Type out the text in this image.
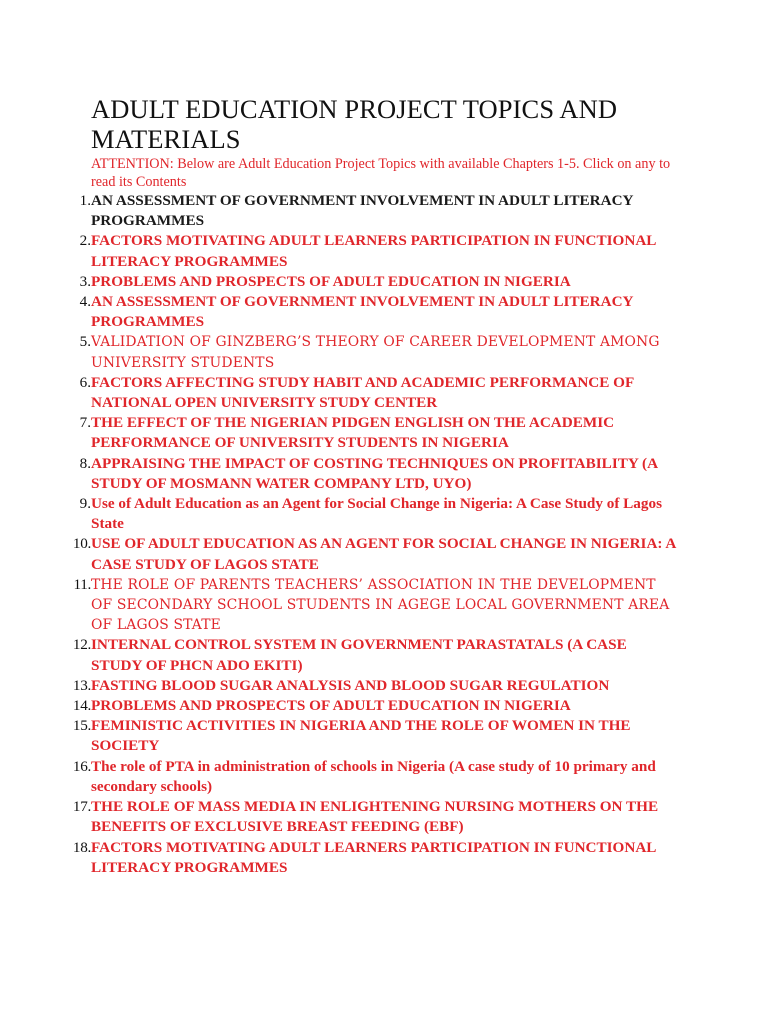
ADULT EDUCATION PROJECT TOPICS AND MATERIALS
ATTENTION: Below are Adult Education Project Topics with available Chapters 1-5. Click on any to read its Contents
1. AN ASSESSMENT OF GOVERNMENT INVOLVEMENT IN ADULT LITERACY PROGRAMMES
2. FACTORS MOTIVATING ADULT LEARNERS PARTICIPATION IN FUNCTIONAL LITERACY PROGRAMMES
3. PROBLEMS AND PROSPECTS OF ADULT EDUCATION IN NIGERIA
4. AN ASSESSMENT OF GOVERNMENT INVOLVEMENT IN ADULT LITERACY PROGRAMMES
5. VALIDATION OF GINZBERG’S THEORY OF CAREER DEVELOPMENT AMONG UNIVERSITY STUDENTS
6. FACTORS AFFECTING STUDY HABIT AND ACADEMIC PERFORMANCE OF NATIONAL OPEN UNIVERSITY STUDY CENTER
7. THE EFFECT OF THE NIGERIAN PIDGEN ENGLISH ON THE ACADEMIC PERFORMANCE OF UNIVERSITY STUDENTS IN NIGERIA
8. APPRAISING THE IMPACT OF COSTING TECHNIQUES ON PROFITABILITY (A STUDY OF MOSMANN WATER COMPANY LTD, UYO)
9. Use of Adult Education as an Agent for Social Change in Nigeria: A Case Study of Lagos State
10. USE OF ADULT EDUCATION AS AN AGENT FOR SOCIAL CHANGE IN NIGERIA: A CASE STUDY OF LAGOS STATE
11. THE ROLE OF PARENTS TEACHERS’ ASSOCIATION IN THE DEVELOPMENT OF SECONDARY SCHOOL STUDENTS IN AGEGE LOCAL GOVERNMENT AREA OF LAGOS STATE
12. INTERNAL CONTROL SYSTEM IN GOVERNMENT PARASTATALS (A CASE STUDY OF PHCN ADO EKITI)
13. FASTING BLOOD SUGAR ANALYSIS AND BLOOD SUGAR REGULATION
14. PROBLEMS AND PROSPECTS OF ADULT EDUCATION IN NIGERIA
15. FEMINISTIC ACTIVITIES IN NIGERIA AND THE ROLE OF WOMEN IN THE SOCIETY
16. The role of PTA in administration of schools in Nigeria (A case study of 10 primary and secondary schools)
17. THE ROLE OF MASS MEDIA IN ENLIGHTENING NURSING MOTHERS ON THE BENEFITS OF EXCLUSIVE BREAST FEEDING (EBF)
18. FACTORS MOTIVATING ADULT LEARNERS PARTICIPATION IN FUNCTIONAL LITERACY PROGRAMMES
